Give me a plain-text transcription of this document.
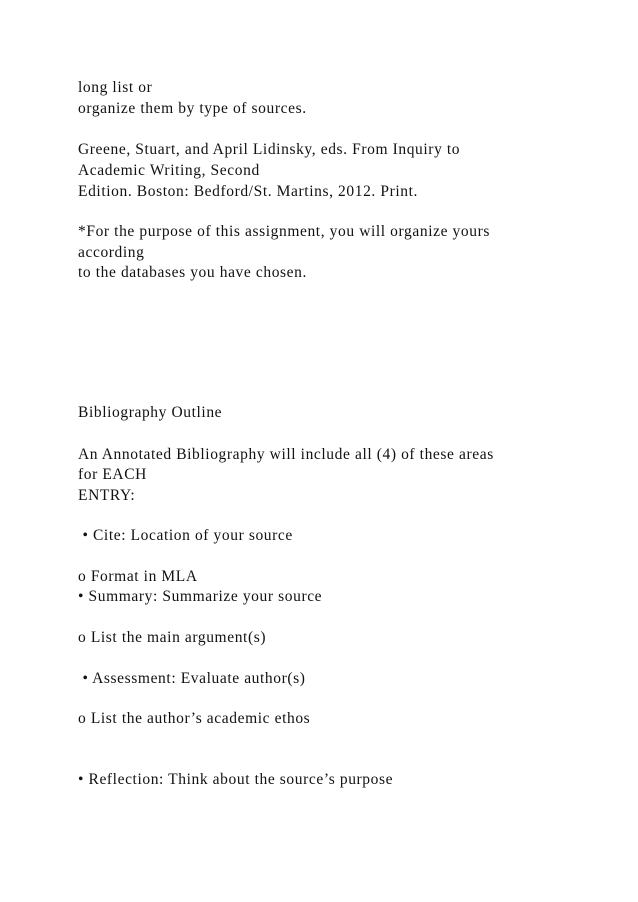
long list or
organize them by type of sources.
Greene, Stuart, and April Lidinsky, eds. From Inquiry to
Academic Writing, Second
Edition. Boston: Bedford/St. Martins, 2012. Print.
*For the purpose of this assignment, you will organize yours
according
to the databases you have chosen.
Bibliography Outline
An Annotated Bibliography will include all (4) of these areas
for EACH
ENTRY:
• Cite: Location of your source
o Format in MLA
• Summary: Summarize your source
o List the main argument(s)
• Assessment: Evaluate author(s)
o List the author’s academic ethos
• Reflection: Think about the source’s purpose
